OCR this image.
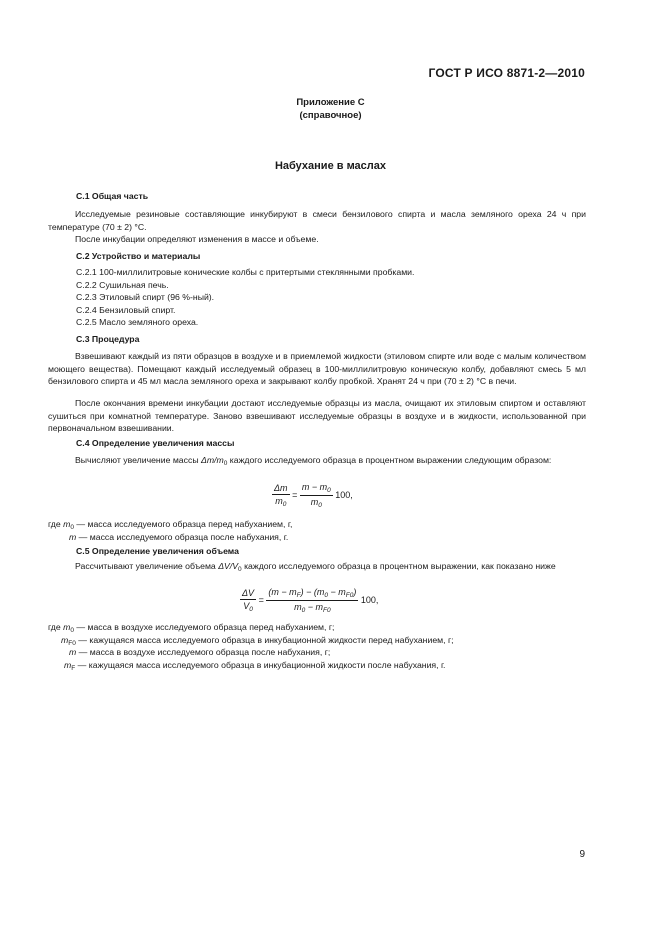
ГОСТ Р ИСО 8871-2—2010
Приложение С
(справочное)
Набухание в маслах
С.1 Общая часть
Исследуемые резиновые составляющие инкубируют в смеси бензилового спирта и масла земляного ореха 24 ч при температуре (70 ± 2) °С.
После инкубации определяют изменения в массе и объеме.
С.2 Устройство и материалы
С.2.1 100-миллилитровые конические колбы с притертыми стеклянными пробками.
С.2.2 Сушильная печь.
С.2.3 Этиловый спирт (96 %-ный).
С.2.4 Бензиловый спирт.
С.2.5 Масло земляного ореха.
С.3 Процедура
Взвешивают каждый из пяти образцов в воздухе и в приемлемой жидкости (этиловом спирте или воде с малым количеством моющего вещества). Помещают каждый исследуемый образец в 100-миллилитровую коническую колбу, добавляют смесь 5 мл бензилового спирта и 45 мл масла земляного ореха и закрывают колбу пробкой. Хранят 24 ч при (70 ± 2) °С в печи.
После окончания времени инкубации достают исследуемые образцы из масла, очищают их этиловым спиртом и оставляют сушиться при комнатной температуре. Заново взвешивают исследуемые образцы в воздухе и в жидкости, использованной при первоначальном взвешивании.
С.4 Определение увеличения массы
Вычисляют увеличение массы $\Delta m/m_0$ каждого исследуемого образца в процентном выражении следующим образом:
$\frac{\Delta m}{m_0} = \frac{m - m_0}{m_0} 100$,
где $m_0$ — масса исследуемого образца перед набуханием, г,
m — масса исследуемого образца после набухания, г.
С.5 Определение увеличения объема
Рассчитывают увеличение объема $\Delta V/V_0$ каждого исследуемого образца в процентном выражении, как показано ниже
$\frac{\Delta V}{V_0} = \frac{(m - m_F) - (m_0 - m_{F0})}{m_0 - m_{F0}} 100$,
где $m_0$ — масса в воздухе исследуемого образца перед набуханием, г;
$m_{F0}$ — кажущаяся масса исследуемого образца в инкубационной жидкости перед набуханием, г;
m — масса в воздухе исследуемого образца после набухания, г;
$m_F$ — кажущаяся масса исследуемого образца в инкубационной жидкости после набухания, г.
9
